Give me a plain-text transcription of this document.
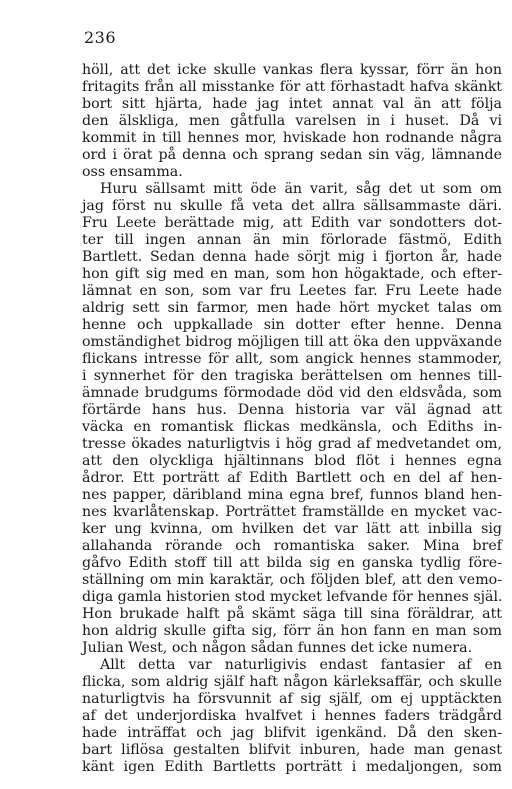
236
höll, att det icke skulle vankas flera kyssar, förr än hon
fritagits från all misstanke för att förhastadt hafva skänkt
bort sitt hjärta, hade jag intet annat val än att följa
den älskliga, men gåtfulla varelsen in i huset. Då vi
kommit in till hennes mor, hviskade hon rodnande några
ord i örat på denna och sprang sedan sin väg, lämnande
oss ensamma.
Huru sällsamt mitt öde än varit, såg det ut som om
jag först nu skulle få veta det allra sällsammaste däri.
Fru Leete berättade mig, att Edith var sondotters dot-
ter till ingen annan än min förlorade fästmö, Edith
Bartlett. Sedan denna hade sörjt mig i fjorton år, hade
hon gift sig med en man, som hon högaktade, och efter-
lämnat en son, som var fru Leetes far. Fru Leete hade
aldrig sett sin farmor, men hade hört mycket talas om
henne och uppkallade sin dotter efter henne. Denna
omständighet bidrog möjligen till att öka den uppväxande
flickans intresse för allt, som angick hennes stammoder,
i synnerhet för den tragiska berättelsen om hennes till-
ämnade brudgums förmodade död vid den eldsvåda, som
förtärde hans hus. Denna historia var väl ägnad att
väcka en romantisk flickas medkänsla, och Ediths in-
tresse ökades naturligtvis i hög grad af medvetandet om,
att den olyckliga hjältinnans blod flöt i hennes egna
ådror. Ett porträtt af Edith Bartlett och en del af hen-
nes papper, däribland mina egna bref, funnos bland hen-
nes kvarlåtenskap. Porträttet framställde en mycket vac-
ker ung kvinna, om hvilken det var lätt att inbilla sig
allahanda rörande och romantiska saker. Mina bref
gåfvo Edith stoff till att bilda sig en ganska tydlig före-
ställning om min karaktär, och följden blef, att den vemo-
diga gamla historien stod mycket lefvande för hennes själ.
Hon brukade halft på skämt säga till sina föräldrar, att
hon aldrig skulle gifta sig, förr än hon fann en man som
Julian West, och någon sådan funnes det icke numera.
Allt detta var naturligivis endast fantasier af en
flicka, som aldrig själf haft någon kärleksaffär, och skulle
naturligtvis ha försvunnit af sig själf, om ej upptäckten
af det underjordiska hvalfvet i hennes faders trädgård
hade inträffat och jag blifvit igenkänd. Då den sken-
bart liflösa gestalten blifvit inburen, hade man genast
känt igen Edith Bartletts porträtt i medaljongen, som
